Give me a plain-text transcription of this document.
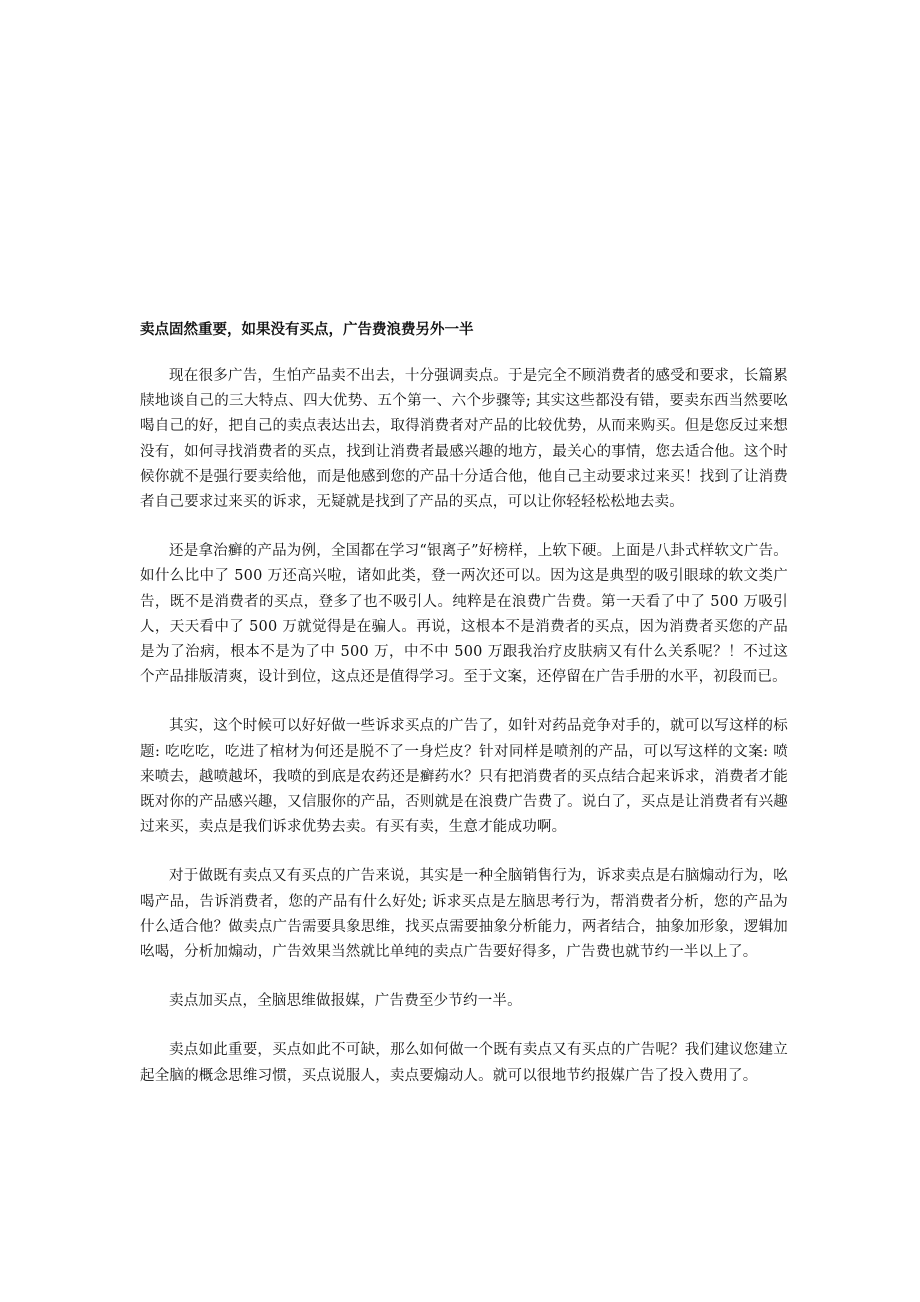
卖点固然重要，如果没有买点，广告费浪费另外一半

现在很多广告，生怕产品卖不出去，十分强调卖点。于是完全不顾消费者的感受和要求，长篇累牍地谈自己的三大特点、四大优势、五个第一、六个步骤等; 其实这些都没有错，要卖东西当然要吆喝自己的好，把自己的卖点表达出去，取得消费者对产品的比较优势，从而来购买。但是您反过来想没有，如何寻找消费者的买点，找到让消费者最感兴趣的地方，最关心的事情，您去适合他。这个时候你就不是强行要卖给他，而是他感到您的产品十分适合他，他自己主动要求过来买！找到了让消费者自己要求过来买的诉求，无疑就是找到了产品的买点，可以让你轻轻松松地去卖。

还是拿治癣的产品为例，全国都在学习“银离子”好榜样，上软下硬。上面是八卦式样软文广告。如什么比中了 500 万还高兴啦，诸如此类，登一两次还可以。因为这是典型的吸引眼球的软文类广告，既不是消费者的买点，登多了也不吸引人。纯粹是在浪费广告费。第一天看了中了 500 万吸引人，天天看中了 500 万就觉得是在骗人。再说，这根本不是消费者的买点，因为消费者买您的产品是为了治病，根本不是为了中 500 万，中不中 500 万跟我治疗皮肤病又有什么关系呢？！不过这个产品排版清爽，设计到位，这点还是值得学习。至于文案，还停留在广告手册的水平，初段而已。

其实，这个时候可以好好做一些诉求买点的广告了，如针对药品竞争对手的，就可以写这样的标题: 吃吃吃，吃进了棺材为何还是脱不了一身烂皮？针对同样是喷剂的产品，可以写这样的文案: 喷来喷去，越喷越坏，我喷的到底是农药还是癣药水？只有把消费者的买点结合起来诉求，消费者才能既对你的产品感兴趣，又信服你的产品，否则就是在浪费广告费了。说白了，买点是让消费者有兴趣过来买，卖点是我们诉求优势去卖。有买有卖，生意才能成功啊。

对于做既有卖点又有买点的广告来说，其实是一种全脑销售行为，诉求卖点是右脑煽动行为，吆喝产品，告诉消费者，您的产品有什么好处; 诉求买点是左脑思考行为，帮消费者分析，您的产品为什么适合他？做卖点广告需要具象思维，找买点需要抽象分析能力，两者结合，抽象加形象，逻辑加吆喝，分析加煽动，广告效果当然就比单纯的卖点广告要好得多，广告费也就节约一半以上了。

卖点加买点，全脑思维做报媒，广告费至少节约一半。

卖点如此重要，买点如此不可缺，那么如何做一个既有卖点又有买点的广告呢？我们建议您建立起全脑的概念思维习惯，买点说服人，卖点要煽动人。就可以很地节约报媒广告了投入费用了。
